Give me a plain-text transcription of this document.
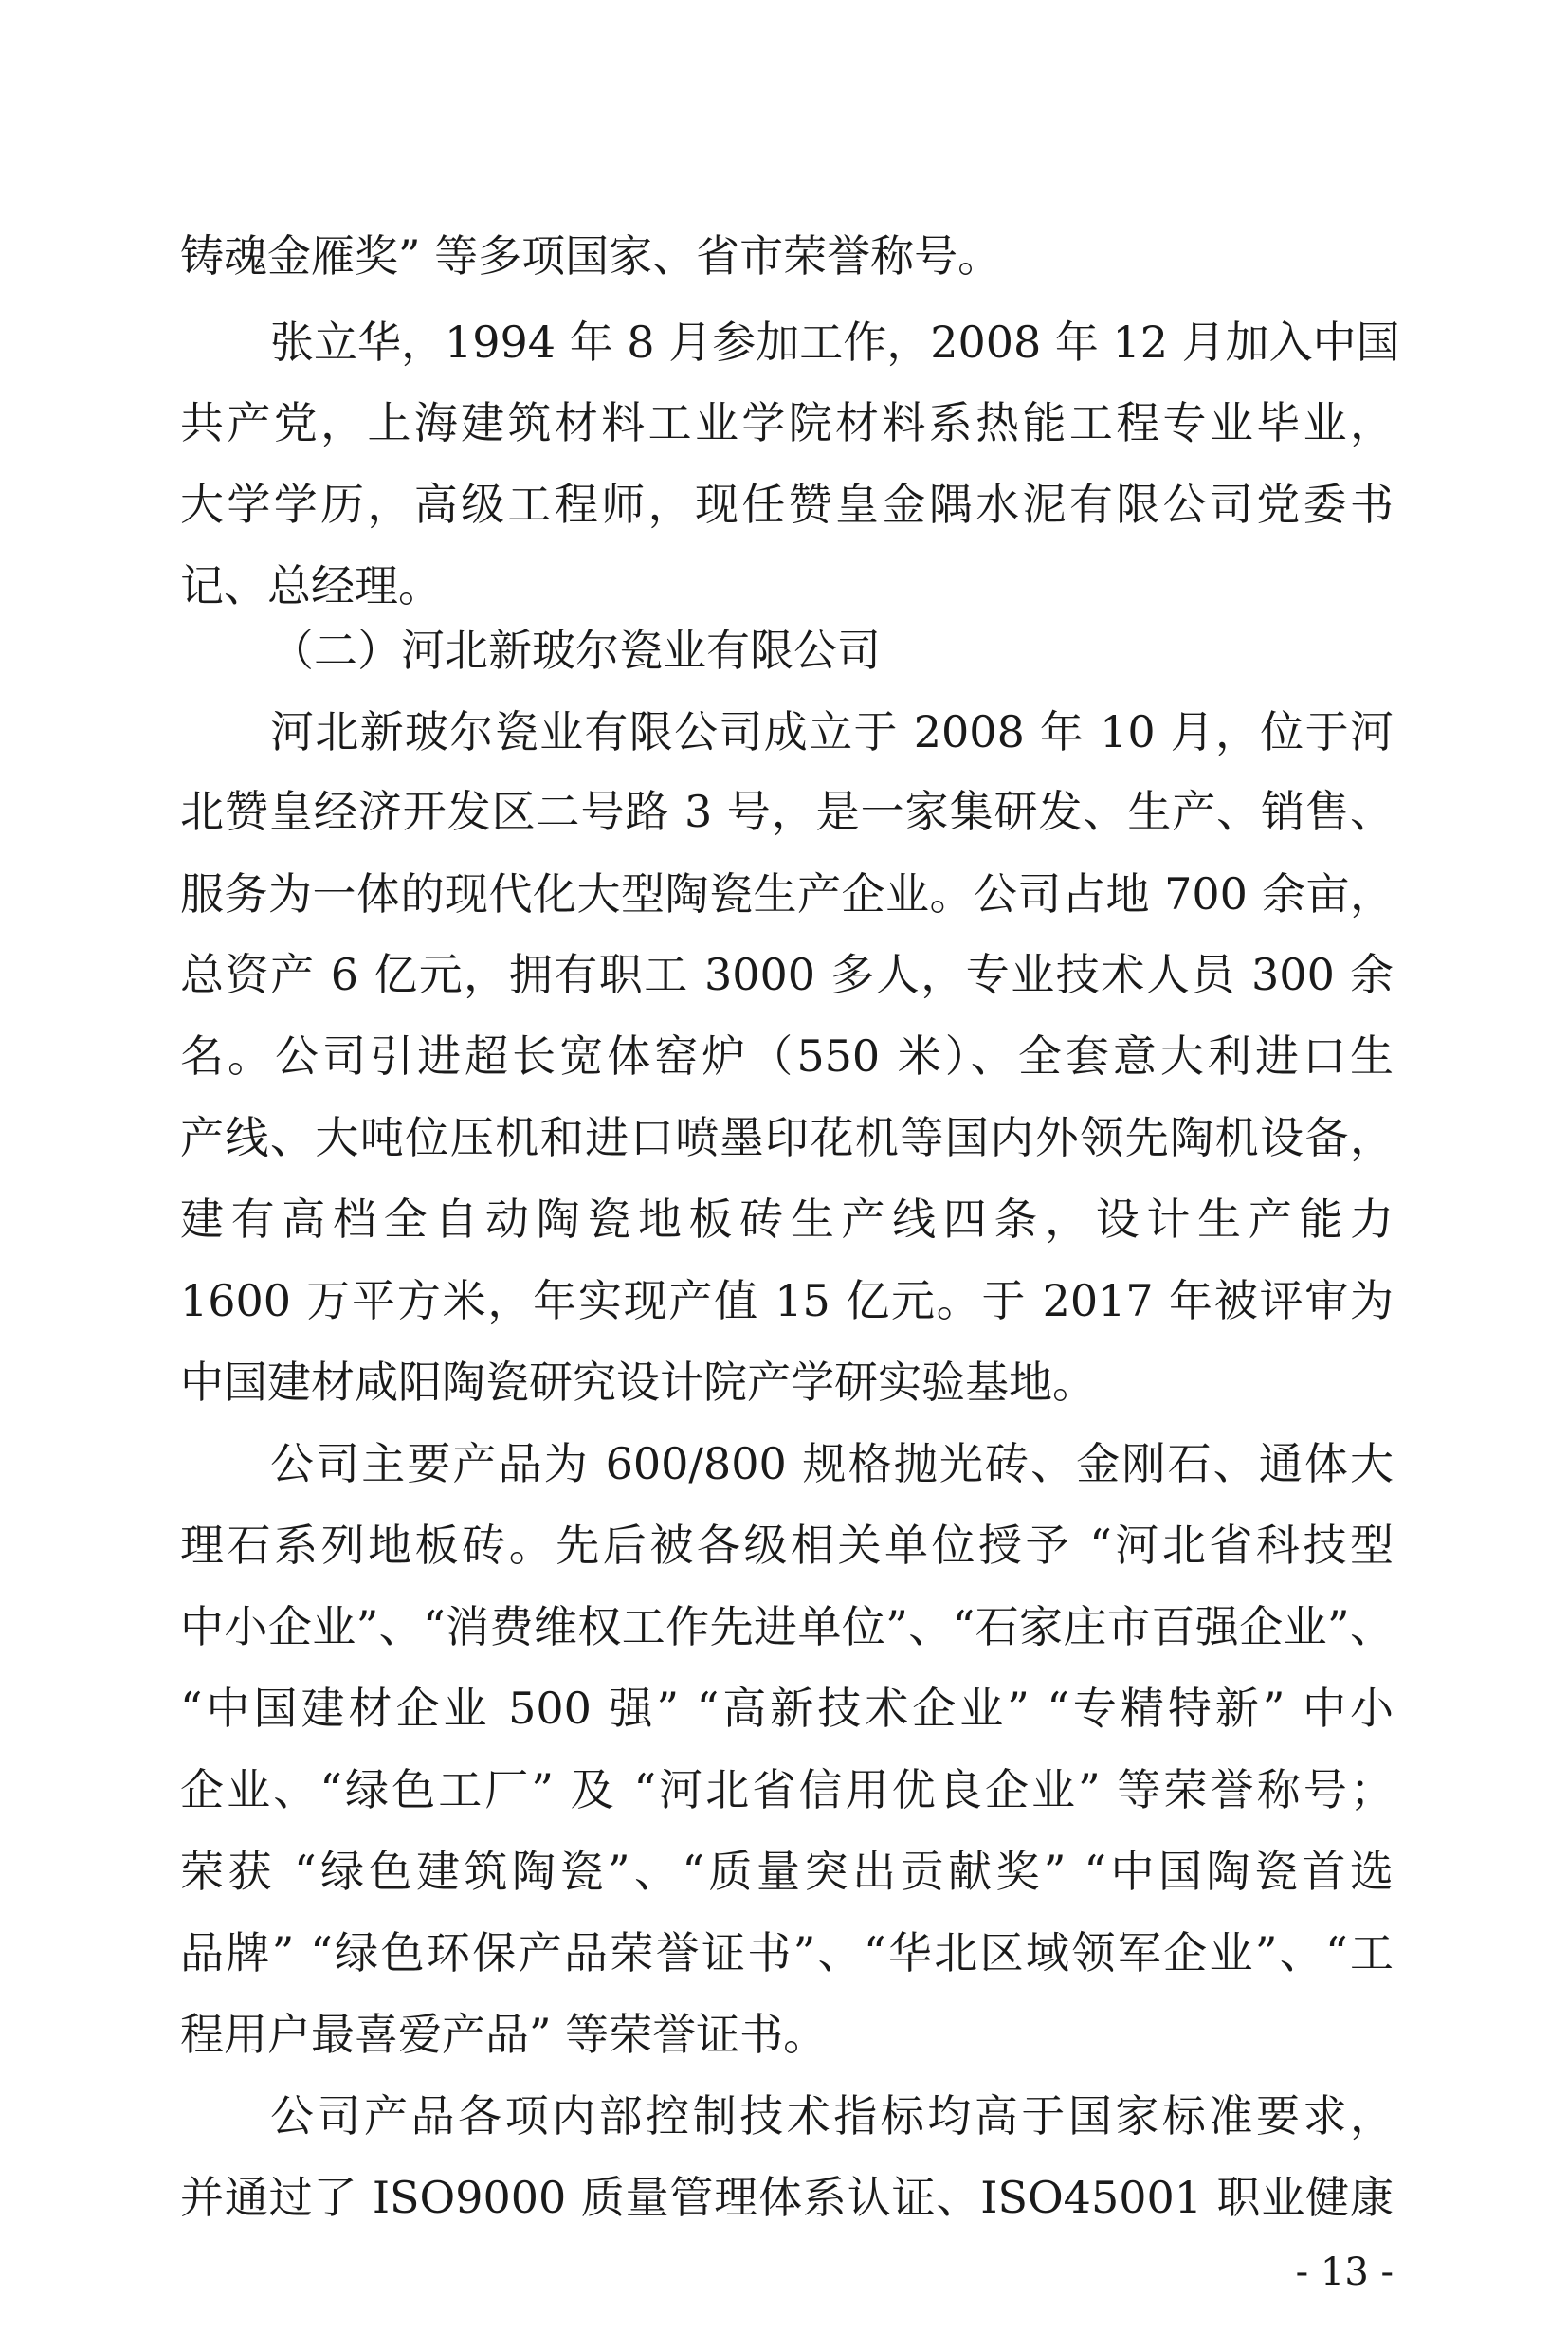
铸魂金雁奖” 等多项国家、省市荣誉称号。
张立华，1994 年 8 月参加工作，2008 年 12 月加入中国
共产党，上海建筑材料工业学院材料系热能工程专业毕业，
大学学历，高级工程师，现任赞皇金隅水泥有限公司党委书
记、总经理。
（二）河北新玻尔瓷业有限公司
河北新玻尔瓷业有限公司成立于 2008 年 10 月，位于河
北赞皇经济开发区二号路 3 号，是一家集研发、生产、销售、
服务为一体的现代化大型陶瓷生产企业。公司占地 700 余亩，
总资产 6 亿元，拥有职工 3000 多人，专业技术人员 300 余
名。公司引进超长宽体窑炉（550 米）、全套意大利进口生
产线、大吨位压机和进口喷墨印花机等国内外领先陶机设备，
建有高档全自动陶瓷地板砖生产线四条，设计生产能力
1600 万平方米，年实现产值 15 亿元。于 2017 年被评审为
中国建材咸阳陶瓷研究设计院产学研实验基地。
公司主要产品为 600/800 规格抛光砖、金刚石、通体大
理石系列地板砖。先后被各级相关单位授予 “河北省科技型
中小企业”、“消费维权工作先进单位”、“石家庄市百强企业”、
“中国建材企业 500 强” “高新技术企业” “专精特新” 中小
企业、“绿色工厂” 及 “河北省信用优良企业” 等荣誉称号；
荣获 “绿色建筑陶瓷”、“质量突出贡献奖” “中国陶瓷首选
品牌” “绿色环保产品荣誉证书”、“华北区域领军企业”、“工
程用户最喜爱产品” 等荣誉证书。
公司产品各项内部控制技术指标均高于国家标准要求，
并通过了 ISO9000 质量管理体系认证、ISO45001 职业健康
- 13 -
